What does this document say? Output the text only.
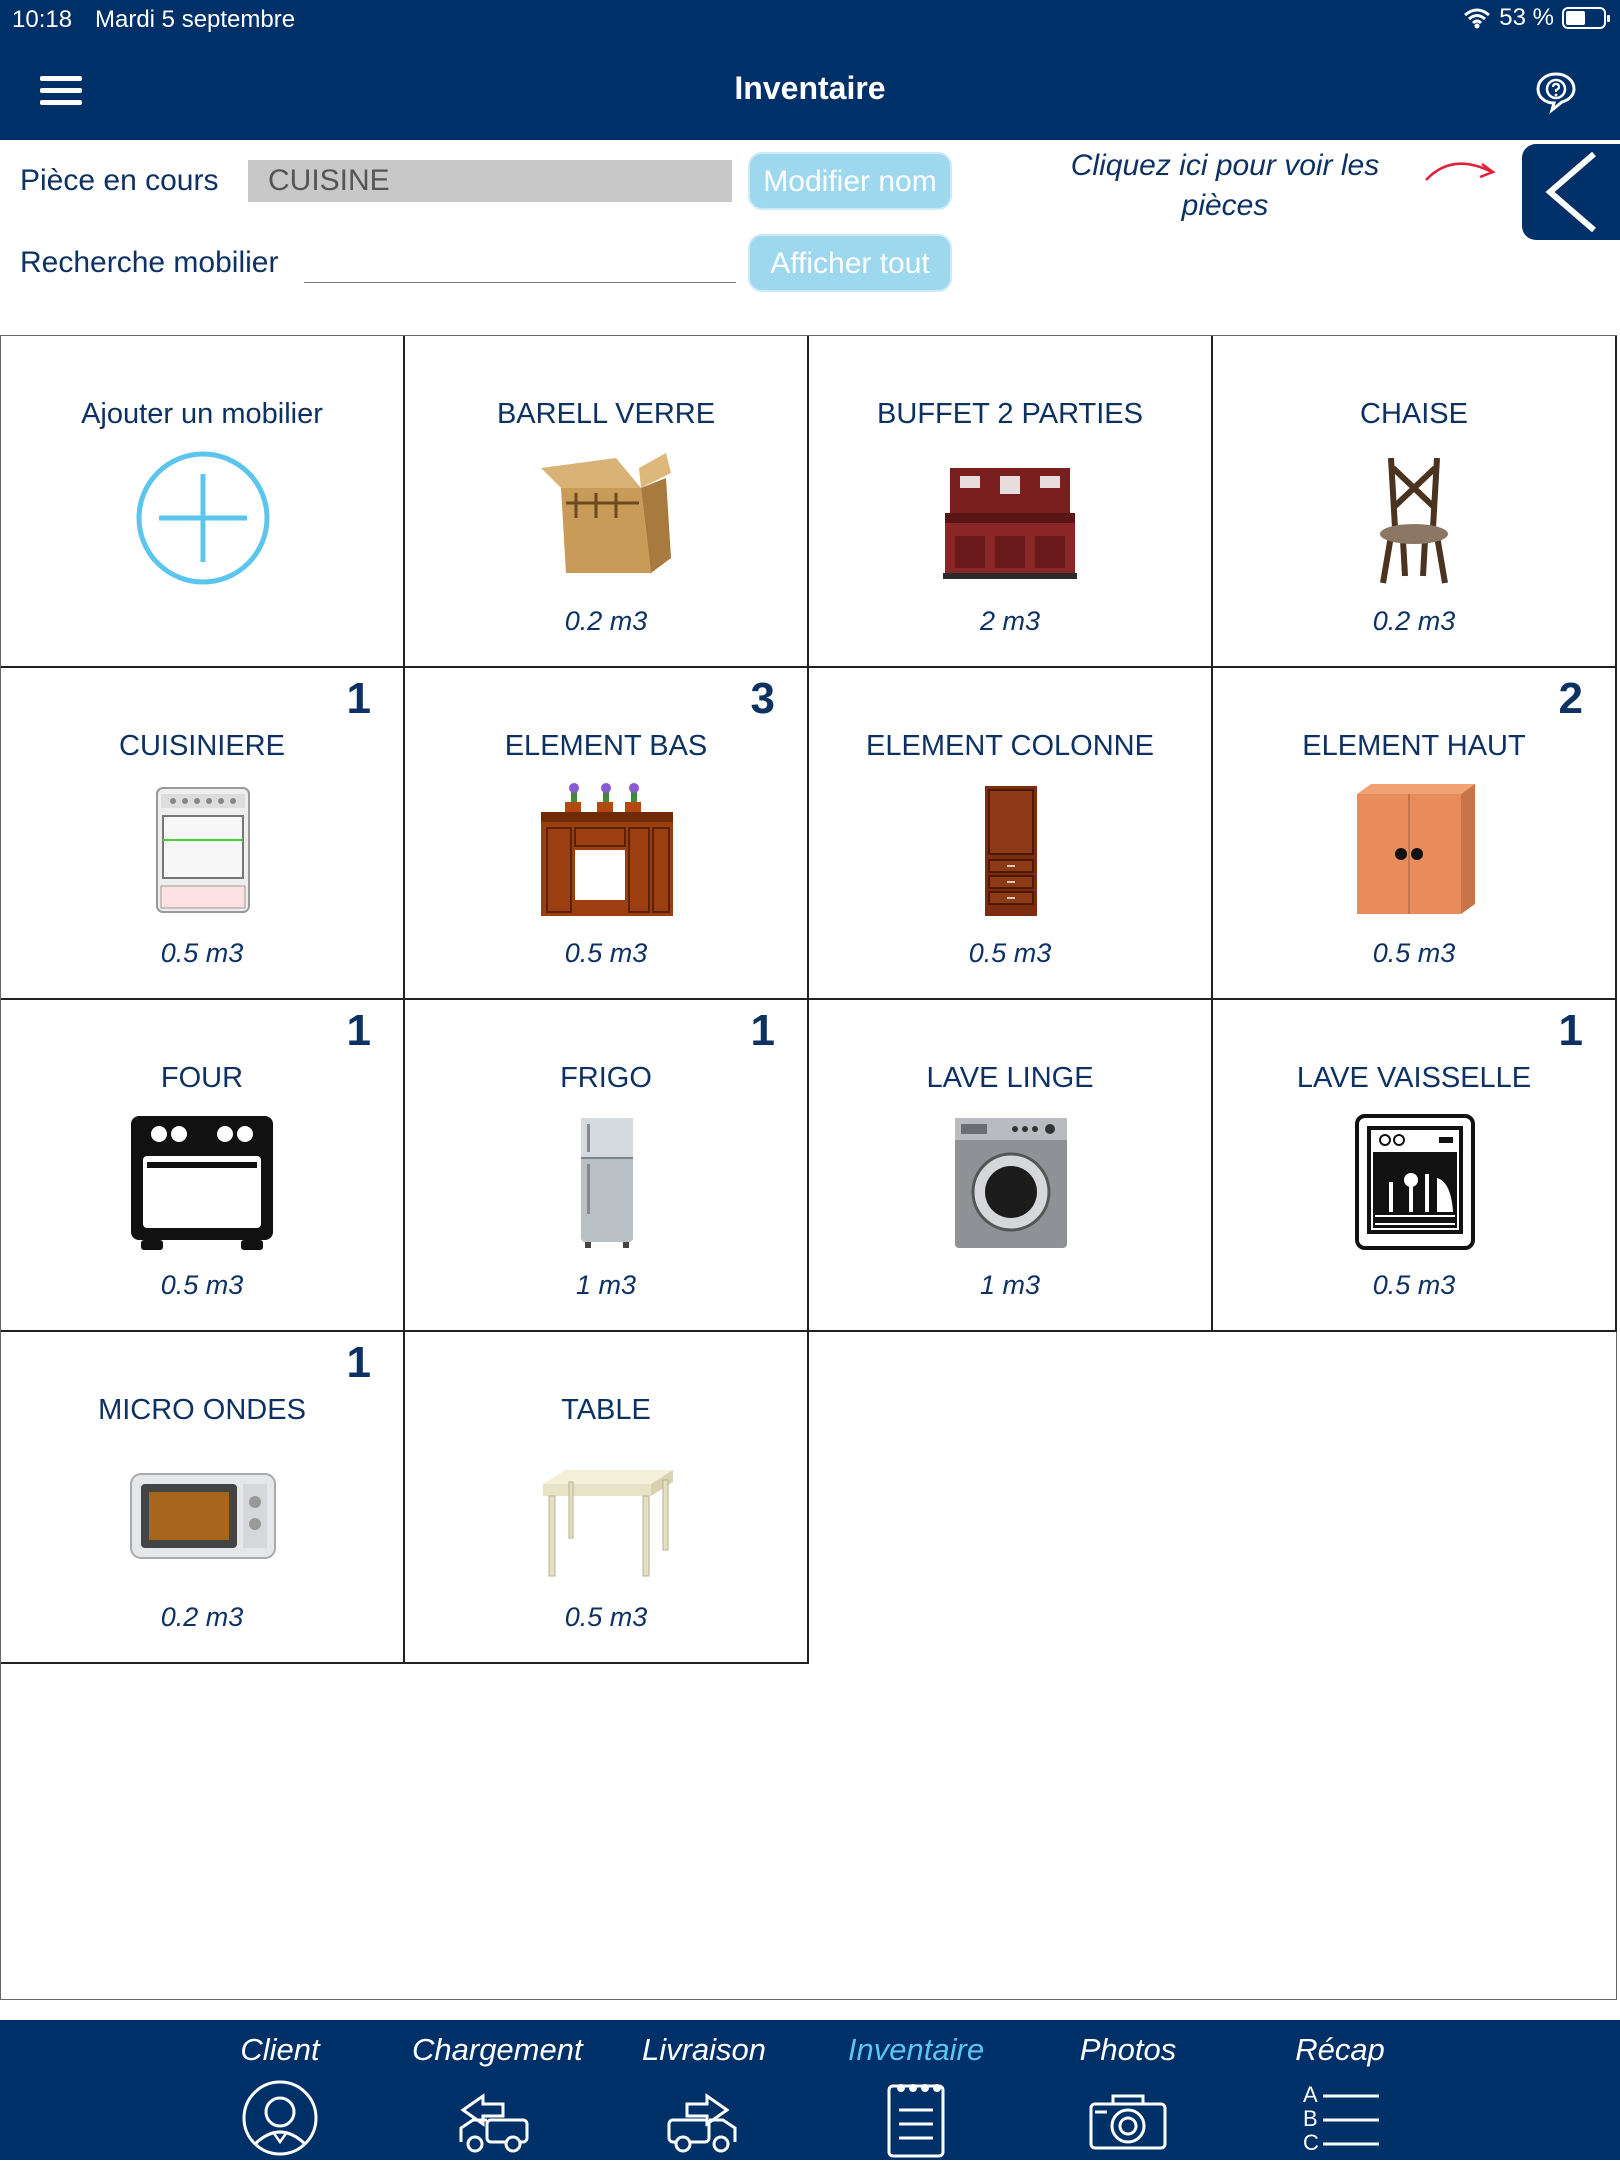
10:18 Mardi 5 septembre	53 %
Inventaire
Pièce en cours	CUISINE	Modifier nom
Recherche mobilier	Afficher tout
Cliquez ici pour voir les pièces
Ajouter un mobilier	BARELL VERRE
0.2 m3
BUFFET 2 PARTIES
2 m3
CHAISE
0.2 m3
CUISINIERE
1
0.5 m3
ELEMENT BAS
3
0.5 m3
ELEMENT COLONNE
0.5 m3
ELEMENT HAUT
2
0.5 m3
FOUR
1
0.5 m3
FRIGO
1
1 m3
LAVE LINGE
1 m3
LAVE VAISSELLE
1
0.5 m3
MICRO ONDES
1
0.2 m3
TABLE
0.5 m3
Client	Chargement	Livraison	Inventaire	Photos	Récap
A
B
C
